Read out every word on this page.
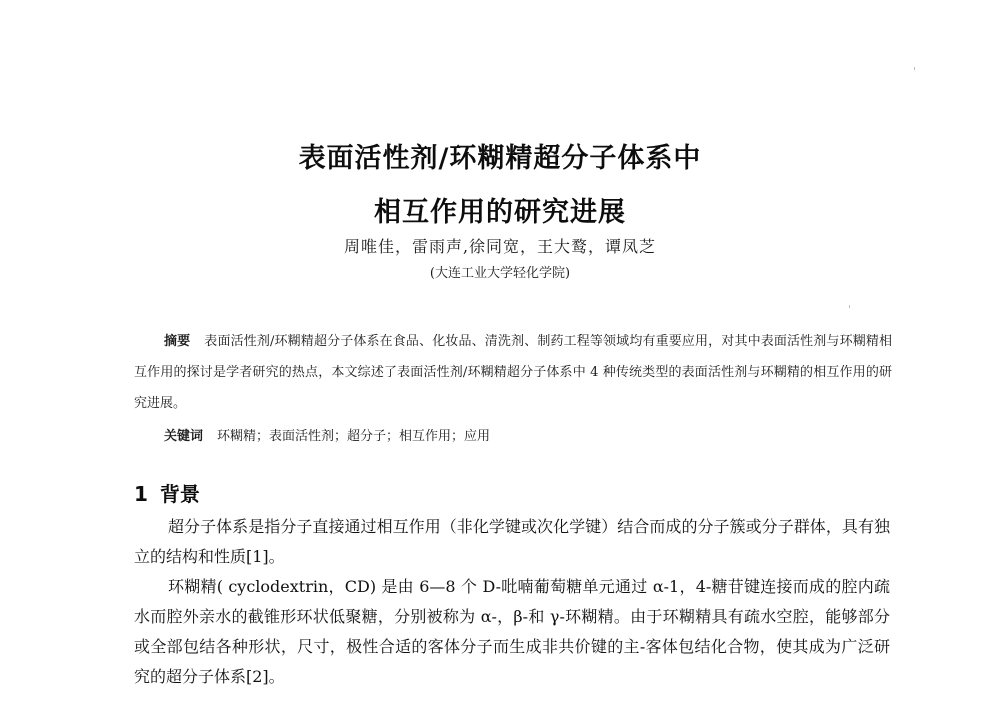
表面活性剂/环糊精超分子体系中
相互作用的研究进展
周唯佳，雷雨声,徐同宽，王大鹜，谭凤芝
(大连工业大学轻化学院)
摘要 表面活性剂/环糊精超分子体系在食品、化妆品、清洗剂、制药工程等领域均有重要应用，对其中表面活性剂与环糊精相互作用的探讨是学者研究的热点，本文综述了表面活性剂/环糊精超分子体系中 4 种传统类型的表面活性剂与环糊精的相互作用的研究进展。
关键词 环糊精；表面活性剂；超分子；相互作用；应用
1 背景

超分子体系是指分子直接通过相互作用（非化学键或次化学键）结合而成的分子簇或分子群体，具有独立的结构和性质[1]。

环糊精( cyclodextrin，CD) 是由 6—8 个 D-吡喃葡萄糖单元通过 α-1，4-糖苷键连接而成的腔内疏水而腔外亲水的截锥形环状低聚糖，分别被称为 α-，β-和 γ-环糊精。由于环糊精具有疏水空腔，能够部分或全部包结各种形状，尺寸，极性合适的客体分子而生成非共价键的主-客体包结化合物，使其成为广泛研究的超分子体系[2]。
